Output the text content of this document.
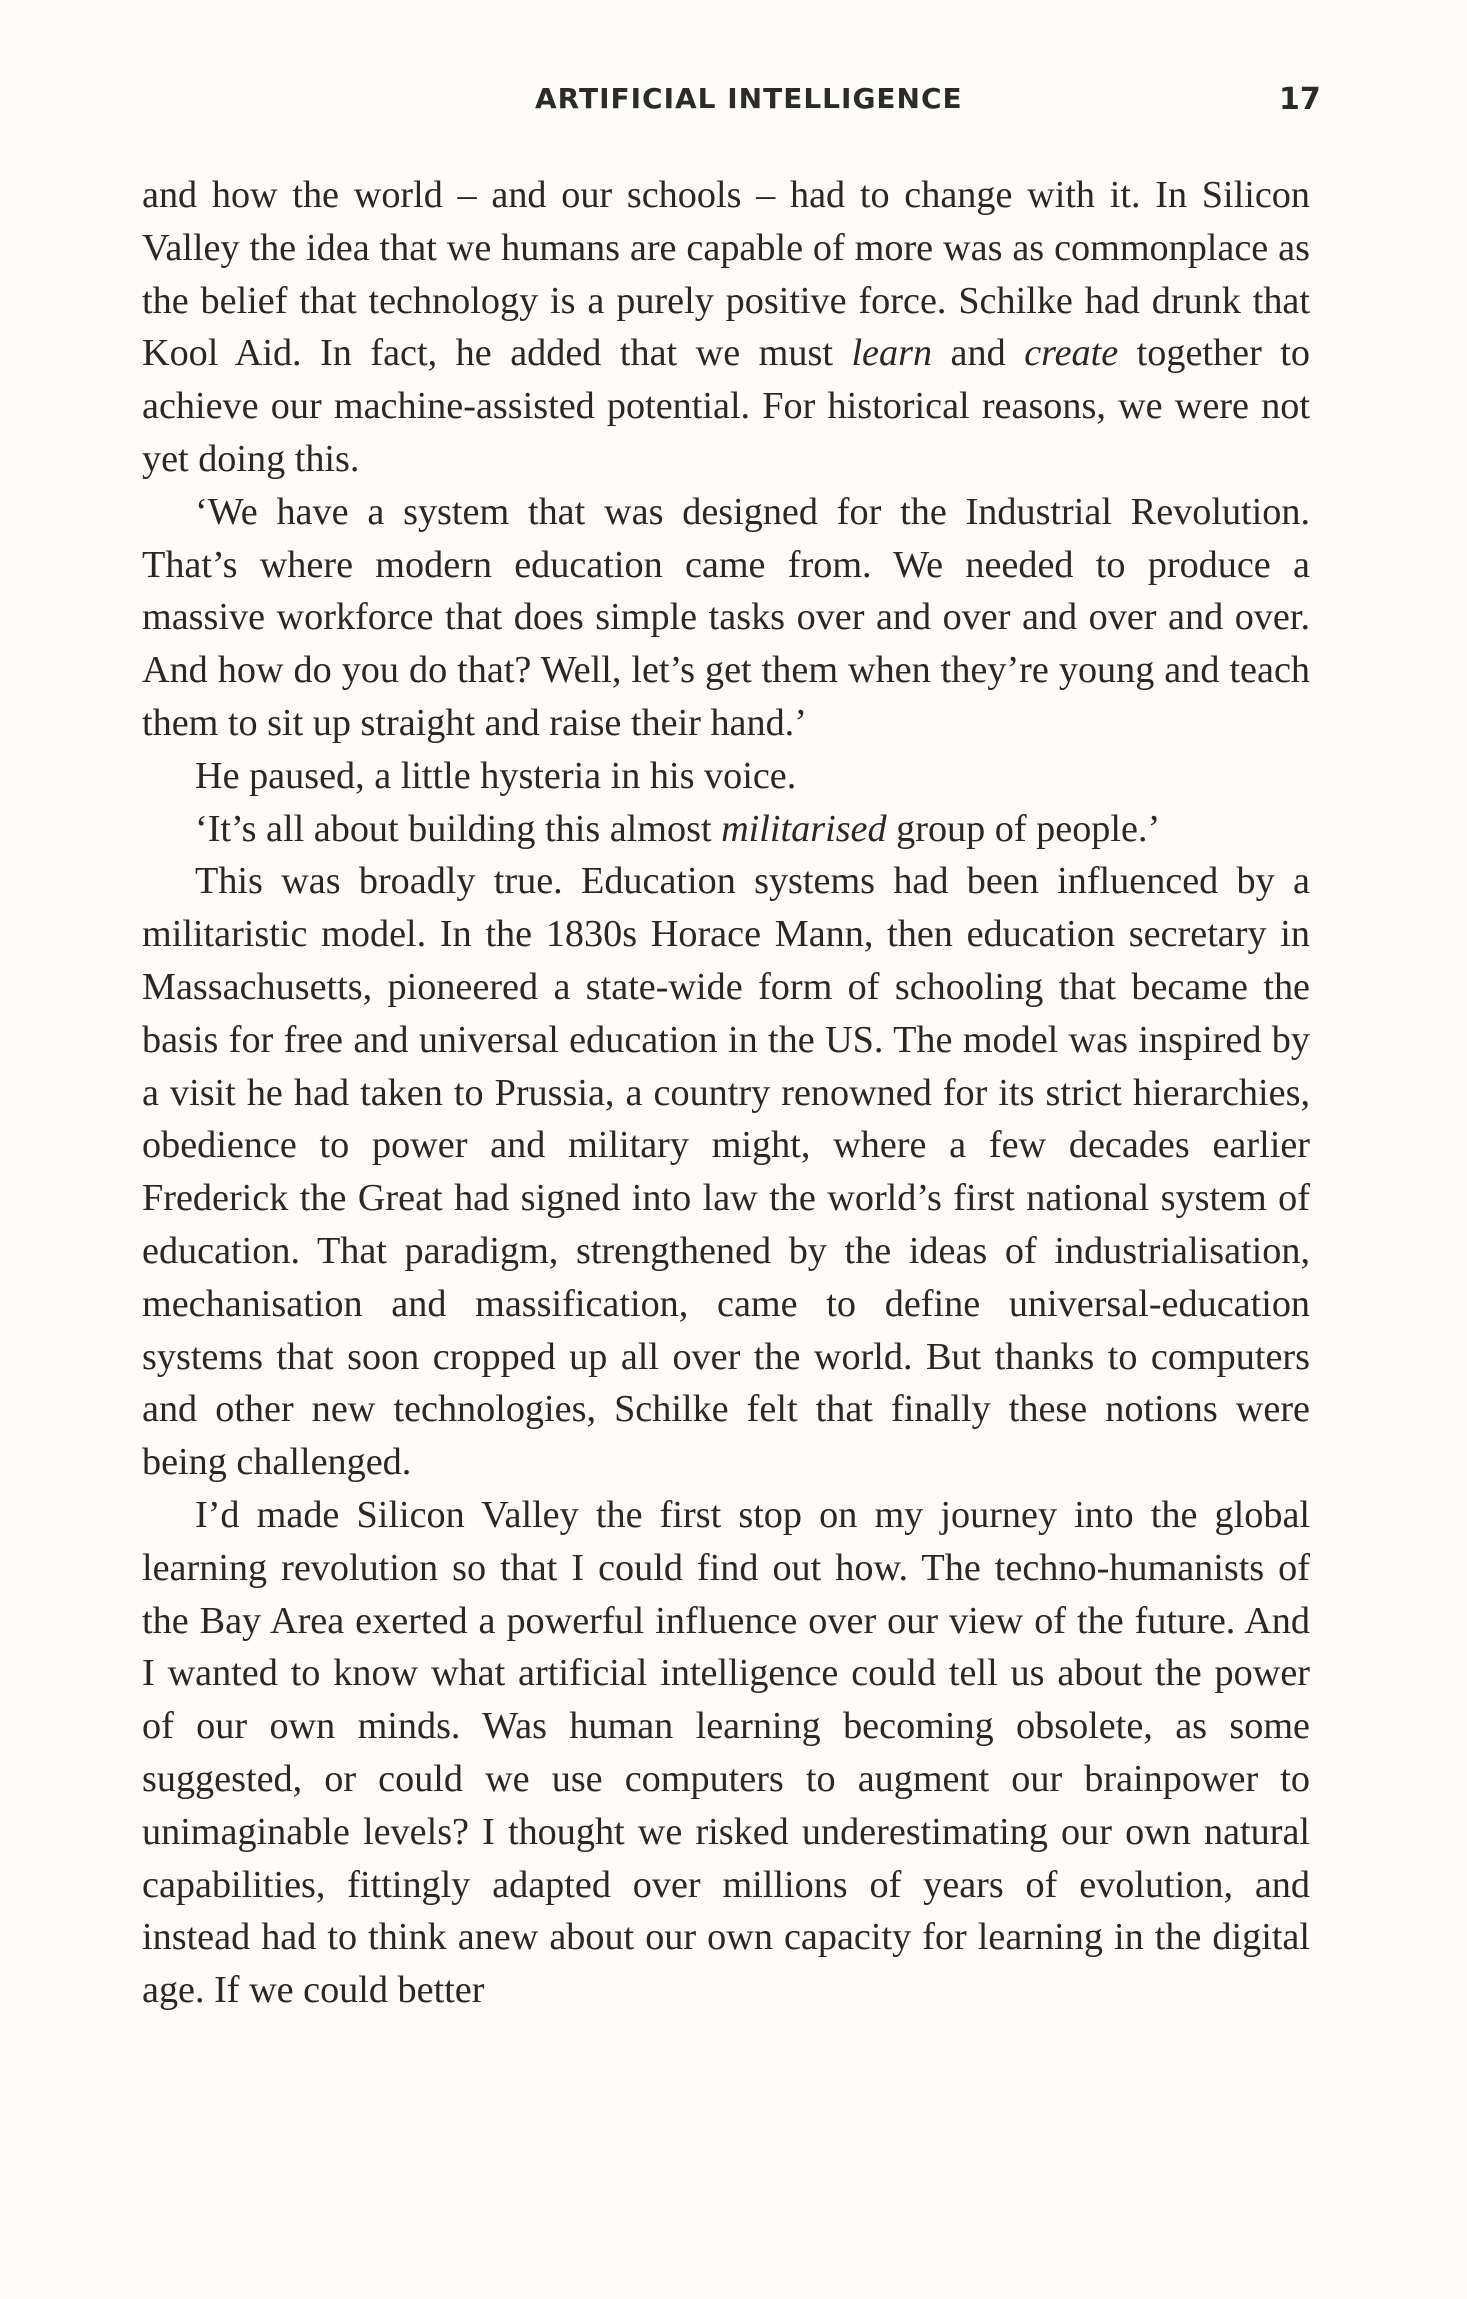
ARTIFICIAL INTELLIGENCE	17

and how the world – and our schools – had to change with it. In Silicon Valley the idea that we humans are capable of more was as commonplace as the belief that technology is a purely positive force. Schilke had drunk that Kool Aid. In fact, he added that we must learn and create together to achieve our machine-assisted potential. For historical reasons, we were not yet doing this.

‘We have a system that was designed for the Industrial Revolution. That’s where modern education came from. We needed to produce a massive workforce that does simple tasks over and over and over and over. And how do you do that? Well, let’s get them when they’re young and teach them to sit up straight and raise their hand.’

He paused, a little hysteria in his voice.

‘It’s all about building this almost militarised group of people.’

This was broadly true. Education systems had been influenced by a militaristic model. In the 1830s Horace Mann, then education secretary in Massachusetts, pioneered a state-wide form of schooling that became the basis for free and universal education in the US. The model was inspired by a visit he had taken to Prussia, a country renowned for its strict hierarchies, obedience to power and military might, where a few decades earlier Frederick the Great had signed into law the world’s first national system of education. That paradigm, strengthened by the ideas of industrialisation, mechanisation and massification, came to define universal-education systems that soon cropped up all over the world. But thanks to computers and other new technologies, Schilke felt that finally these notions were being challenged.

I’d made Silicon Valley the first stop on my journey into the global learning revolution so that I could find out how. The techno-humanists of the Bay Area exerted a powerful influence over our view of the future. And I wanted to know what artificial intelligence could tell us about the power of our own minds. Was human learning becoming obsolete, as some suggested, or could we use computers to augment our brainpower to unimaginable levels? I thought we risked underestimating our own natural capabilities, fittingly adapted over millions of years of evolution, and instead had to think anew about our own capacity for learning in the digital age. If we could better
